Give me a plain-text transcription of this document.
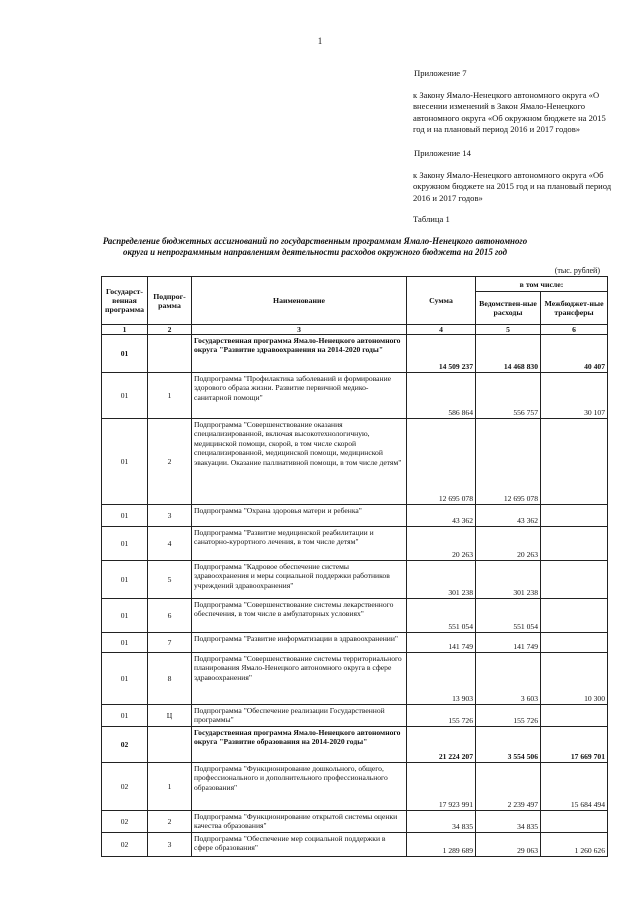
1
Приложение 7
к Закону Ямало-Ненецкого автономного округа «О внесении изменений в Закон Ямало-Ненецкого автономного округа «Об окружном бюджете на 2015 год и на плановый период 2016 и 2017 годов»
Приложение 14
к Закону Ямало-Ненецкого автономного округа «Об окружном бюджете на 2015 год и на плановый период 2016 и 2017 годов»
Таблица 1
Распределение бюджетных ассигнований по государственным программам Ямало-Ненецкого автономного округа и непрограммным направлениям деятельности расходов окружного бюджета на 2015 год
(тыс. рублей)
Государст-венная программа	Подпрог-рамма	Наименование	Сумма	в том числе:	
				Ведомствен-ные расходы	Межбюджет-ные трансферы
1	2	3	4	5	6
01		Государственная программа Ямало-Ненецкого автономного округа "Развитие здравоохранения на 2014-2020 годы"	14 509 237	14 468 830	40 407
01	1	Подпрограмма "Профилактика заболеваний и формирование здорового образа жизни. Развитие первичной медико-санитарной помощи"	586 864	556 757	30 107
01	2	Подпрограмма "Совершенствование оказания специализированной, включая высокотехнологичную, медицинской помощи, скорой, в том числе скорой специализированной, медицинской помощи, медицинской эвакуации. Оказание паллиативной помощи, в том числе детям"	12 695 078	12 695 078	
01	3	Подпрограмма "Охрана здоровья матери и ребенка"	43 362	43 362	
01	4	Подпрограмма "Развитие медицинской реабилитации и санаторно-курортного лечения, в том числе детям"	20 263	20 263	
01	5	Подпрограмма "Кадровое обеспечение системы здравоохранения и меры социальной поддержки работников учреждений здравоохранения"	301 238	301 238	
01	6	Подпрограмма "Совершенствование системы лекарственного обеспечения, в том числе в амбулаторных условиях"	551 054	551 054	
01	7	Подпрограмма "Развитие информатизации в здравоохранении"	141 749	141 749	
01	8	Подпрограмма "Совершенствование системы территориального планирования Ямало-Ненецкого автономного округа в сфере здравоохранения"	13 903	3 603	10 300
01	Ц	Подпрограмма "Обеспечение реализации Государственной программы"	155 726	155 726	
02		Государственная программа Ямало-Ненецкого автономного округа "Развитие образования на 2014-2020 годы"	21 224 207	3 554 506	17 669 701
02	1	Подпрограмма "Функционирование дошкольного, общего, профессионального и дополнительного профессионального образования"	17 923 991	2 239 497	15 684 494
02	2	Подпрограмма "Функционирование открытой системы оценки качества образования"	34 835	34 835	
02	3	Подпрограмма "Обеспечение мер социальной поддержки в сфере образования"	1 289 689	29 063	1 260 626
